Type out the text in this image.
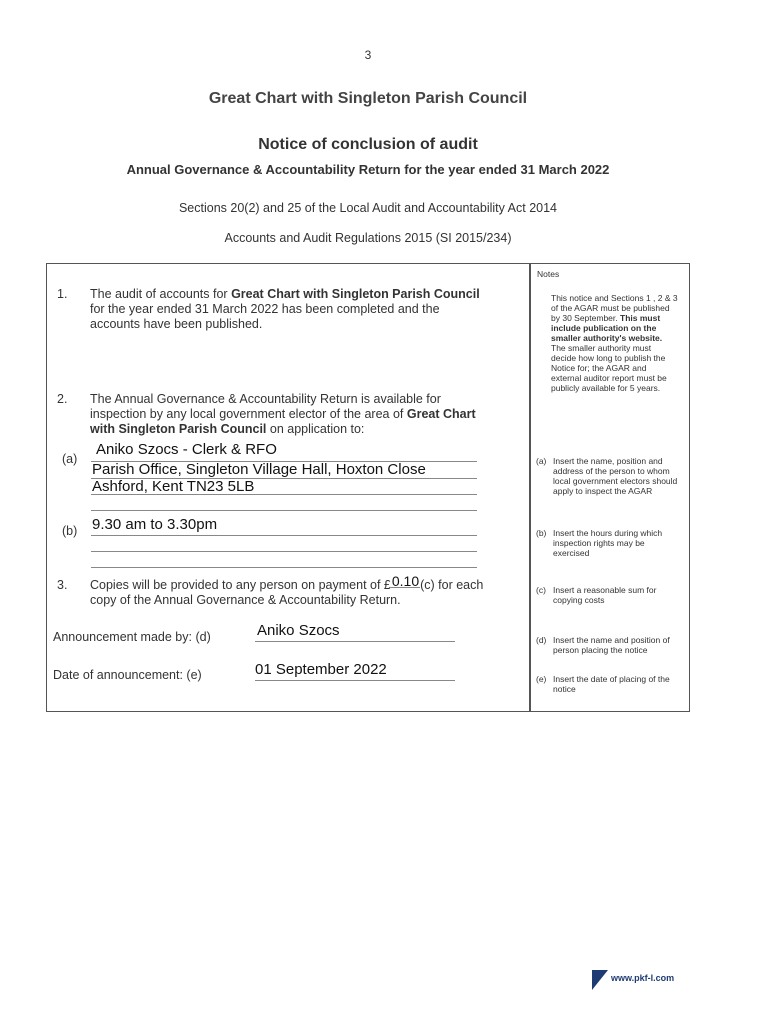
3
Great Chart with Singleton Parish Council
Notice of conclusion of audit
Annual Governance & Accountability Return for the year ended 31 March 2022
Sections 20(2) and 25 of the Local Audit and Accountability Act 2014
Accounts and Audit Regulations 2015 (SI 2015/234)
Notes
1. The audit of accounts for Great Chart with Singleton Parish Council
for the year ended 31 March 2022 has been completed and the
accounts have been published.
This notice and Sections 1 , 2 & 3
of the AGAR must be published
by 30 September. This must
include publication on the
smaller authority's website.
The smaller authority must
decide how long to publish the
Notice for; the AGAR and
external auditor report must be
publicly available for 5 years.
2. The Annual Governance & Accountability Return is available for
inspection by any local government elector of the area of Great Chart
with Singleton Parish Council on application to:
(a)
Aniko Szocs - Clerk & RFO
Parish Office, Singleton Village Hall, Hoxton Close
Ashford, Kent TN23 5LB
(a) Insert the name, position and
address of the person to whom
local government electors should
apply to inspect the AGAR
(b) 9.30 am to 3.30pm	(b) Insert the hours during which
inspection rights may be
exercised
3. Copies will be provided to any person on payment of £0.10(c) for each
copy of the Annual Governance & Accountability Return.
(c) Insert a reasonable sum for
copying costs
Announcement made by: (d)	Aniko Szocs
(d) Insert the name and position of
person placing the notice
Date of announcement: (e)	01 September 2022
(e) Insert the date of placing of the
notice
www.pkf-l.com
